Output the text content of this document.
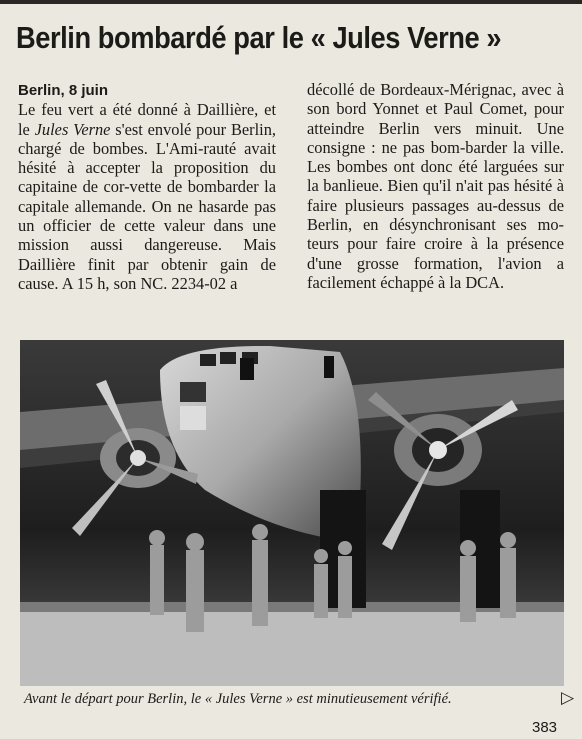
Berlin bombardé par le « Jules Verne »
Berlin, 8 juin
Le feu vert a été donné à Daillière, et le Jules Verne s'est envolé pour Berlin, chargé de bombes. L'Ami-rauté avait hésité à accepter la proposition du capitaine de cor-vette de bombarder la capitale allemande. On ne hasarde pas un officier de cette valeur dans une mission aussi dangereuse. Mais Daillière finit par obtenir gain de cause. A 15 h, son NC. 2234-02 a
décollé de Bordeaux-Mérignac, avec à son bord Yonnet et Paul Comet, pour atteindre Berlin vers minuit. Une consigne : ne pas bom-barder la ville. Les bombes ont donc été larguées sur la banlieue. Bien qu'il n'ait pas hésité à faire plusieurs passages au-dessus de Berlin, en désynchronisant ses mo-teurs pour faire croire à la présence d'une grosse formation, l'avion a facilement échappé à la DCA.
Avant le départ pour Berlin, le « Jules Verne » est minutieusement vérifié.	▷
383
